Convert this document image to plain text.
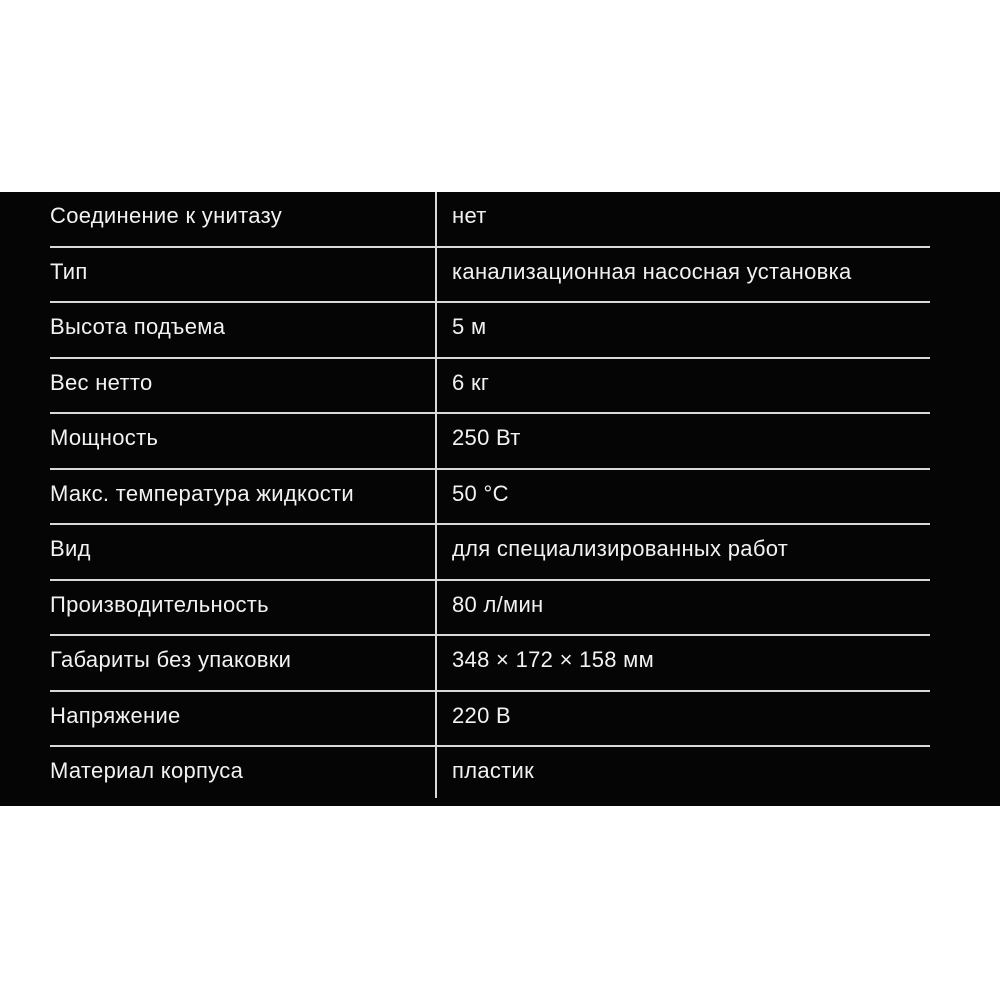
Соединение к унитазу	нет
Тип	канализационная насосная установка
Высота подъема	5 м
Вес нетто	6 кг
Мощность	250 Вт
Макс. температура жидкости	50 °C
Вид	для специализированных работ
Производительность	80 л/мин
Габариты без упаковки	348 × 172 × 158 мм
Напряжение	220 В
Материал корпуса	пластик
